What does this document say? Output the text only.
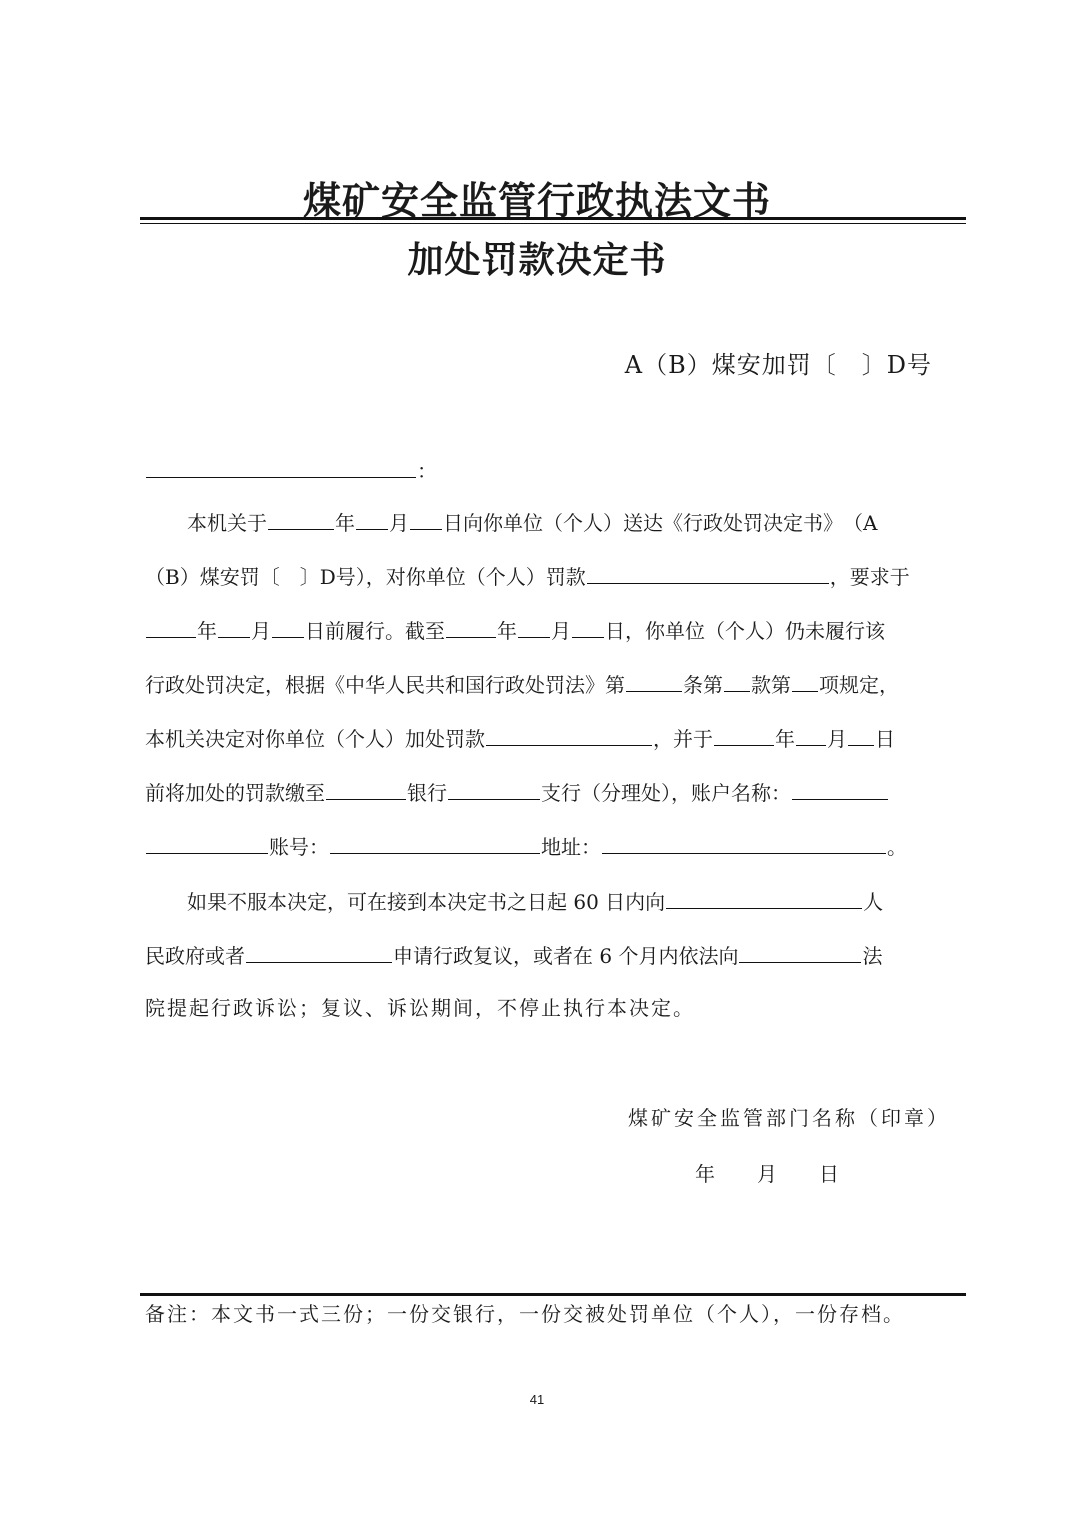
煤矿安全监管行政执法文书
加处罚款决定书
A（B）煤安加罚〔　〕D号
：
本机关于	年 月 日向你单位（个人）送达《行政处罚决定书》　（A
（B）煤安罚〔　〕D号），对你单位（个人）罚款	，要求于
年 月 日前履行。截至	年 月 日，你单位（个人）仍未履行该
行政处罚决定，根据《中华人民共和国行政处罚法》第	条第 款第 项规定，
本机关决定对你单位（个人）加处罚款	，并于	年 月 日
前将加处的罚款缴至	银行	支行（分理处），账户名称：
账号：	地址：	。
如果不服本决定，可在接到本决定书之日起 60 日内向	人
民政府或者	申请行政复议，或者在 6 个月内依法向	法
院提起行政诉讼；复议、诉讼期间，不停止执行本决定。
煤矿安全监管部门名称（印章）
年 月 日
备注：本文书一式三份；一份交银行，一份交被处罚单位（个人），一份存档。
41
